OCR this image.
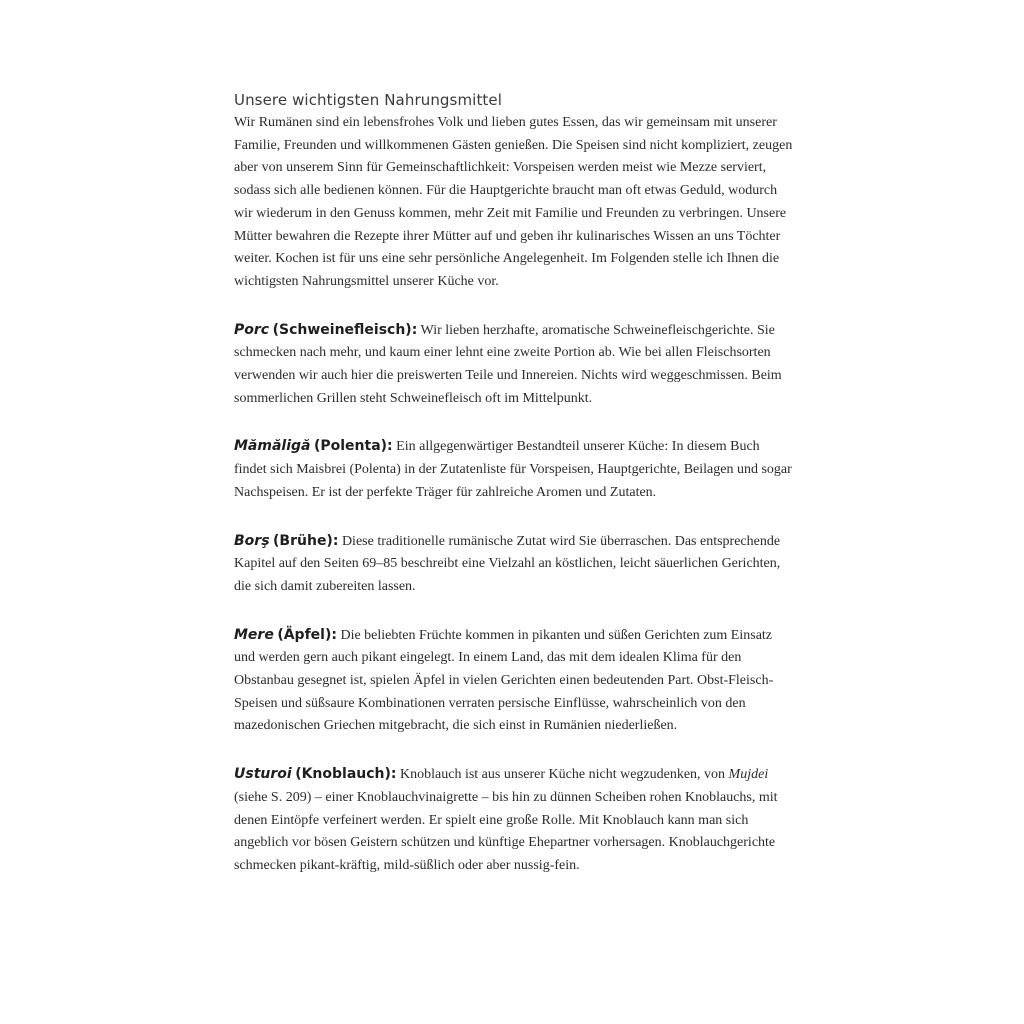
Unsere wichtigsten Nahrungsmittel

Wir Rumänen sind ein lebensfrohes Volk und lieben gutes Essen, das wir gemeinsam mit unserer Familie, Freunden und willkommenen Gästen genießen. Die Speisen sind nicht kompliziert, zeugen aber von unserem Sinn für Gemeinschaftlichkeit: Vorspeisen werden meist wie Mezze serviert, sodass sich alle bedienen können. Für die Hauptgerichte braucht man oft etwas Geduld, wodurch wir wiederum in den Genuss kommen, mehr Zeit mit Familie und Freunden zu verbringen. Unsere Mütter bewahren die Rezepte ihrer Mütter auf und geben ihr kulinarisches Wissen an uns Töchter weiter. Kochen ist für uns eine sehr persönliche Angelegenheit. Im Folgenden stelle ich Ihnen die wichtigsten Nahrungsmittel unserer Küche vor.

Porc (Schweinefleisch): Wir lieben herzhafte, aromatische Schweinefleischgerichte. Sie schmecken nach mehr, und kaum einer lehnt eine zweite Portion ab. Wie bei allen Fleischsorten verwenden wir auch hier die preiswerten Teile und Innereien. Nichts wird weggeschmissen. Beim sommerlichen Grillen steht Schweinefleisch oft im Mittelpunkt.

Mămăligă (Polenta): Ein allgegenwärtiger Bestandteil unserer Küche: In diesem Buch findet sich Maisbrei (Polenta) in der Zutatenliste für Vorspeisen, Hauptgerichte, Beilagen und sogar Nachspeisen. Er ist der perfekte Träger für zahlreiche Aromen und Zutaten.

Borş (Brühe): Diese traditionelle rumänische Zutat wird Sie überraschen. Das entsprechende Kapitel auf den Seiten 69–85 beschreibt eine Vielzahl an köstlichen, leicht säuerlichen Gerichten, die sich damit zubereiten lassen.

Mere (Äpfel): Die beliebten Früchte kommen in pikanten und süßen Gerichten zum Einsatz und werden gern auch pikant eingelegt. In einem Land, das mit dem idealen Klima für den Obstanbau gesegnet ist, spielen Äpfel in vielen Gerichten einen bedeutenden Part. Obst-Fleisch-Speisen und süßsaure Kombinationen verraten persische Einflüsse, wahrscheinlich von den mazedonischen Griechen mitgebracht, die sich einst in Rumänien niederließen.

Usturoi (Knoblauch): Knoblauch ist aus unserer Küche nicht wegzudenken, von Mujdei (siehe S. 209) – einer Knoblauchvinaigrette – bis hin zu dünnen Scheiben rohen Knoblauchs, mit denen Eintöpfe verfeinert werden. Er spielt eine große Rolle. Mit Knoblauch kann man sich angeblich vor bösen Geistern schützen und künftige Ehepartner vorhersagen. Knoblauchgerichte schmecken pikant-kräftig, mild-süßlich oder aber nussig-fein.
